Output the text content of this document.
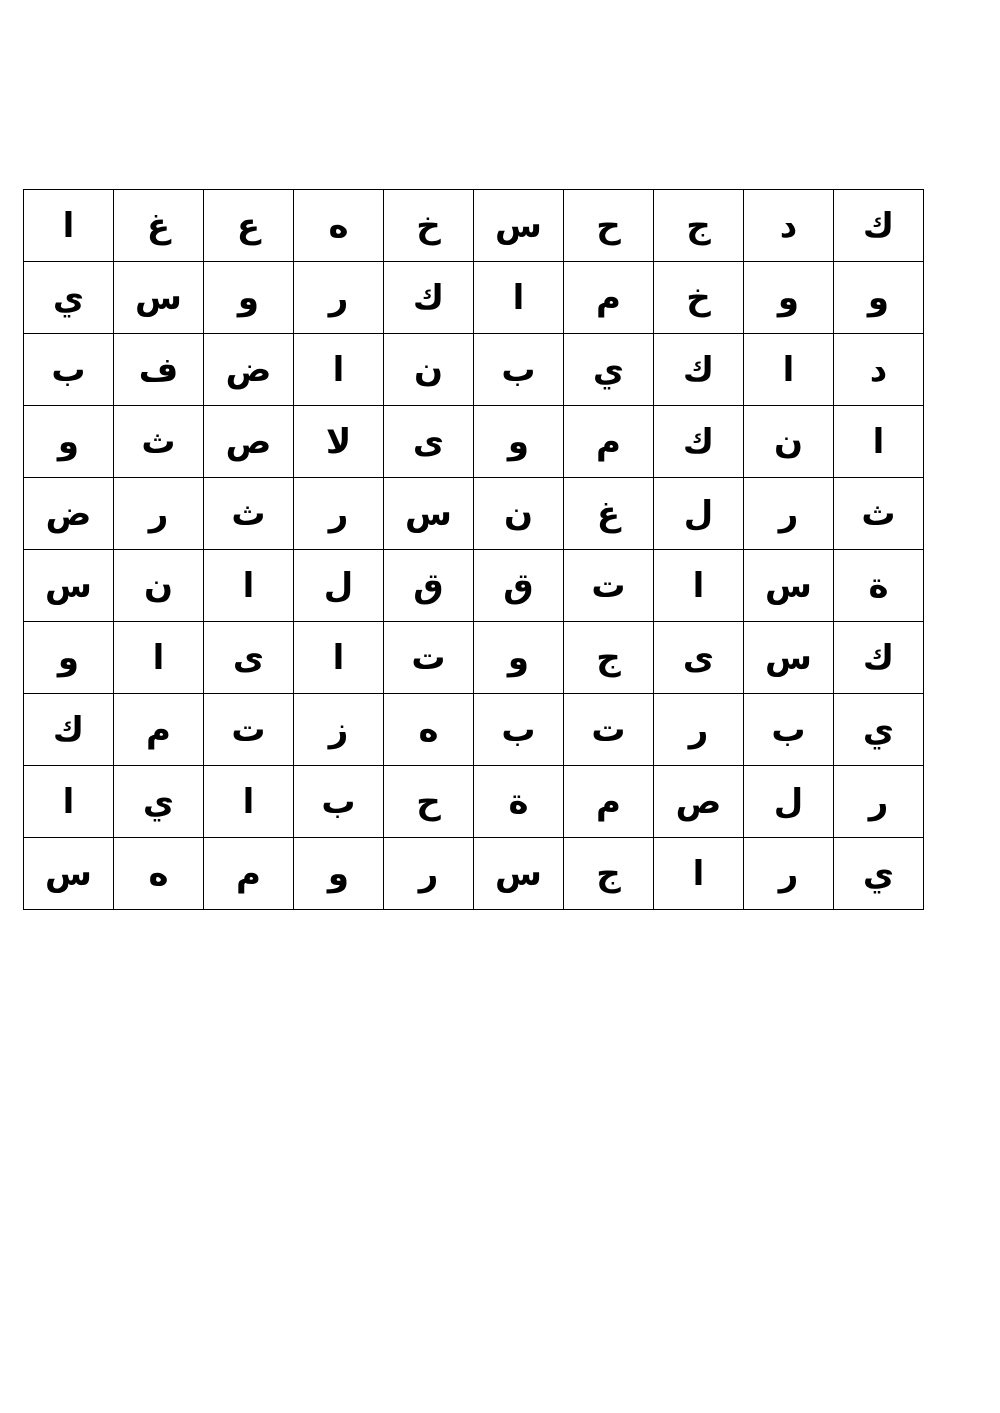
ا	غ	ع	ه	خ	س	ح	ج	د	ك
ي	س	و	ر	ك	ا	م	خ	و	و
ب	ف	ض	ا	ن	ب	ي	ك	ا	د
و	ث	ص	لا	ى	و	م	ك	ن	ا
ض	ر	ث	ر	س	ن	غ	ل	ر	ث
س	ن	ا	ل	ق	ق	ت	ا	س	ة
و	ا	ى	ا	ت	و	ج	ى	س	ك
ك	م	ت	ز	ه	ب	ت	ر	ب	ي
ا	ي	ا	ب	ح	ة	م	ص	ل	ر
س	ه	م	و	ر	س	ج	ا	ر	ي
